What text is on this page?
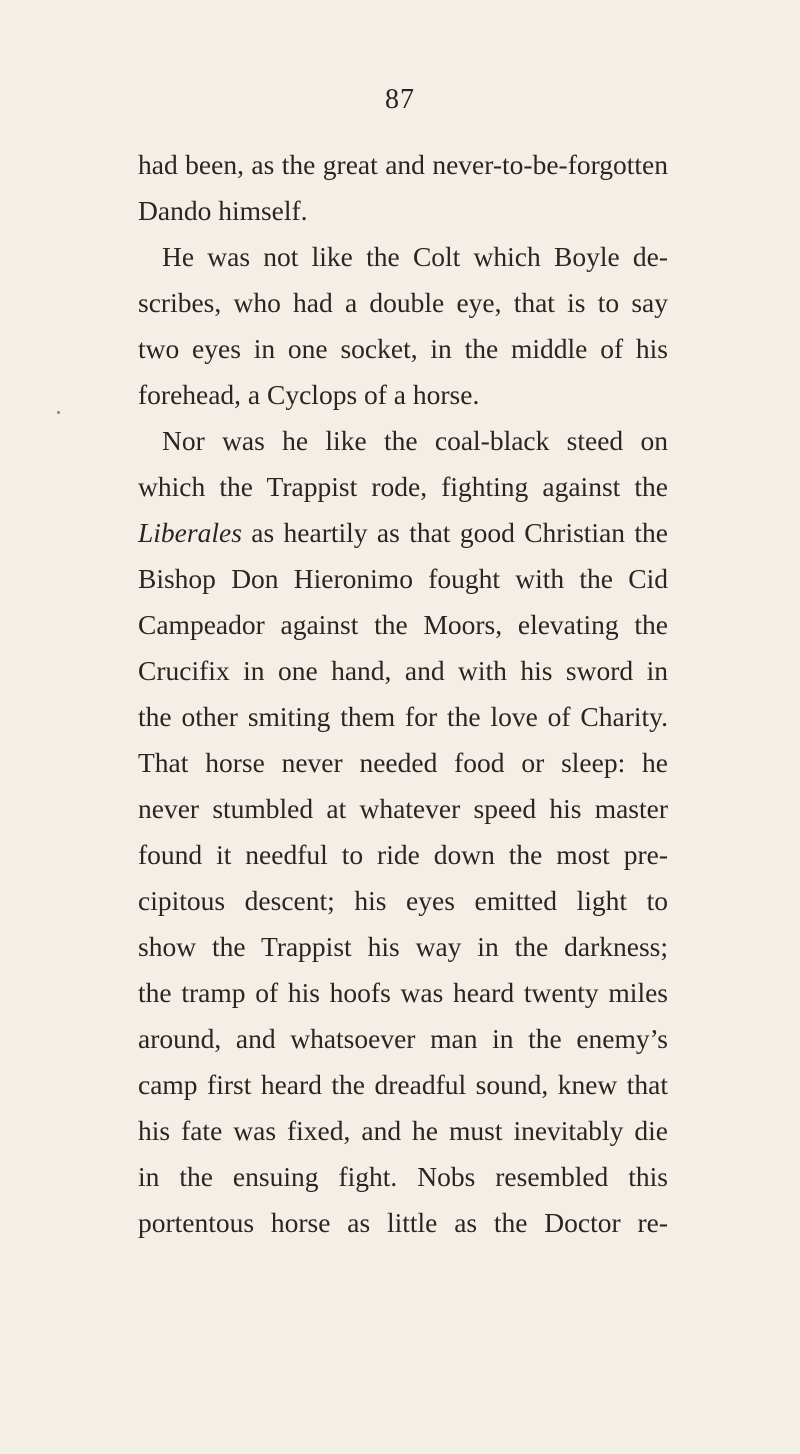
87
had been, as the great and never-to-be-forgotten
Dando himself.
He was not like the Colt which Boyle de-
scribes, who had a double eye, that is to say
two eyes in one socket, in the middle of his
forehead, a Cyclops of a horse.
Nor was he like the coal-black steed on
which the Trappist rode, fighting against the
Liberales as heartily as that good Christian the
Bishop Don Hieronimo fought with the Cid
Campeador against the Moors, elevating the
Crucifix in one hand, and with his sword in
the other smiting them for the love of Charity.
That horse never needed food or sleep: he
never stumbled at whatever speed his master
found it needful to ride down the most pre-
cipitous descent; his eyes emitted light to
show the Trappist his way in the darkness;
the tramp of his hoofs was heard twenty miles
around, and whatsoever man in the enemy’s
camp first heard the dreadful sound, knew that
his fate was fixed, and he must inevitably die
in the ensuing fight. Nobs resembled this
portentous horse as little as the Doctor re-
